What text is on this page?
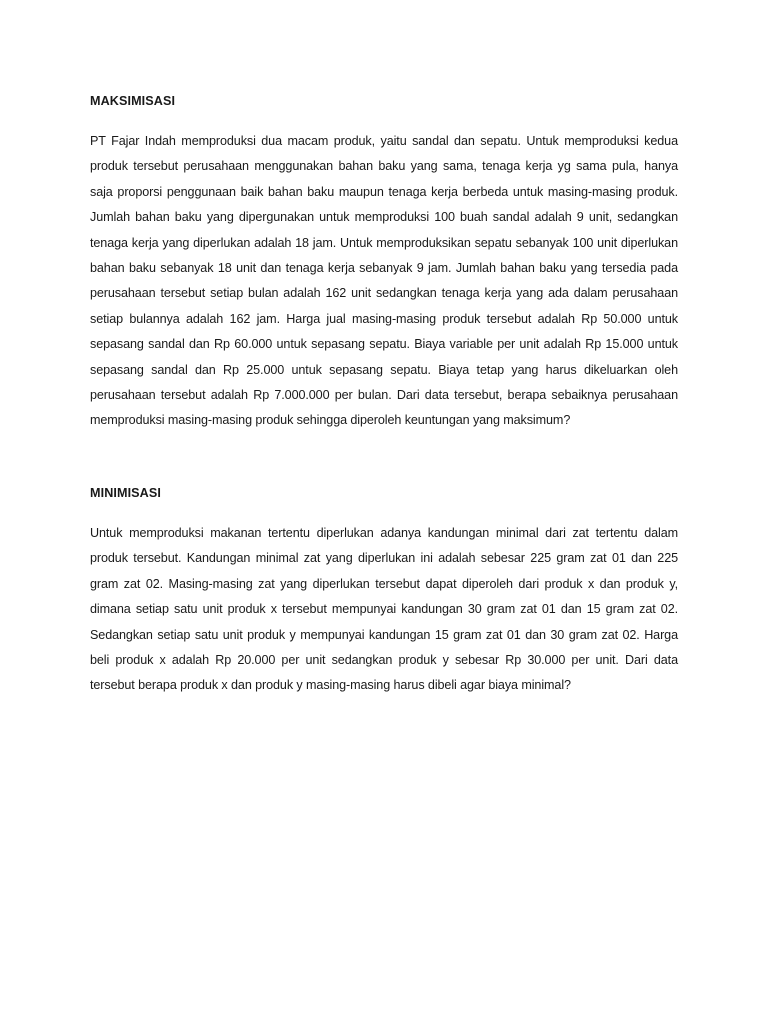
MAKSIMISASI

PT Fajar Indah memproduksi dua macam produk, yaitu sandal dan sepatu. Untuk memproduksi kedua produk tersebut perusahaan menggunakan bahan baku yang sama, tenaga kerja yg sama pula, hanya saja proporsi penggunaan baik bahan baku maupun tenaga kerja berbeda untuk masing-masing produk. Jumlah bahan baku yang dipergunakan untuk memproduksi 100 buah sandal adalah 9 unit, sedangkan tenaga kerja yang diperlukan adalah 18 jam. Untuk memproduksikan sepatu sebanyak 100 unit diperlukan bahan baku sebanyak 18 unit dan tenaga kerja sebanyak 9 jam. Jumlah bahan baku yang tersedia pada perusahaan tersebut setiap bulan adalah 162 unit sedangkan tenaga kerja yang ada dalam perusahaan setiap bulannya adalah 162 jam. Harga jual masing-masing produk tersebut adalah Rp 50.000 untuk sepasang sandal dan Rp 60.000 untuk sepasang sepatu. Biaya variable per unit adalah Rp 15.000 untuk sepasang sandal dan Rp 25.000 untuk sepasang sepatu. Biaya tetap yang harus dikeluarkan oleh perusahaan tersebut adalah Rp 7.000.000 per bulan. Dari data tersebut, berapa sebaiknya perusahaan memproduksi masing-masing produk sehingga diperoleh keuntungan yang maksimum?

MINIMISASI

Untuk memproduksi makanan tertentu diperlukan adanya kandungan minimal dari zat tertentu dalam produk tersebut. Kandungan minimal zat yang diperlukan ini adalah sebesar 225 gram zat 01 dan 225 gram zat 02. Masing-masing zat yang diperlukan tersebut dapat diperoleh dari produk x dan produk y, dimana setiap satu unit produk x tersebut mempunyai kandungan 30 gram zat 01 dan 15 gram zat 02. Sedangkan setiap satu unit produk y mempunyai kandungan 15 gram zat 01 dan 30 gram zat 02. Harga beli produk x adalah Rp 20.000 per unit sedangkan produk y sebesar Rp 30.000 per unit. Dari data tersebut berapa produk x dan produk y masing-masing harus dibeli agar biaya minimal?
